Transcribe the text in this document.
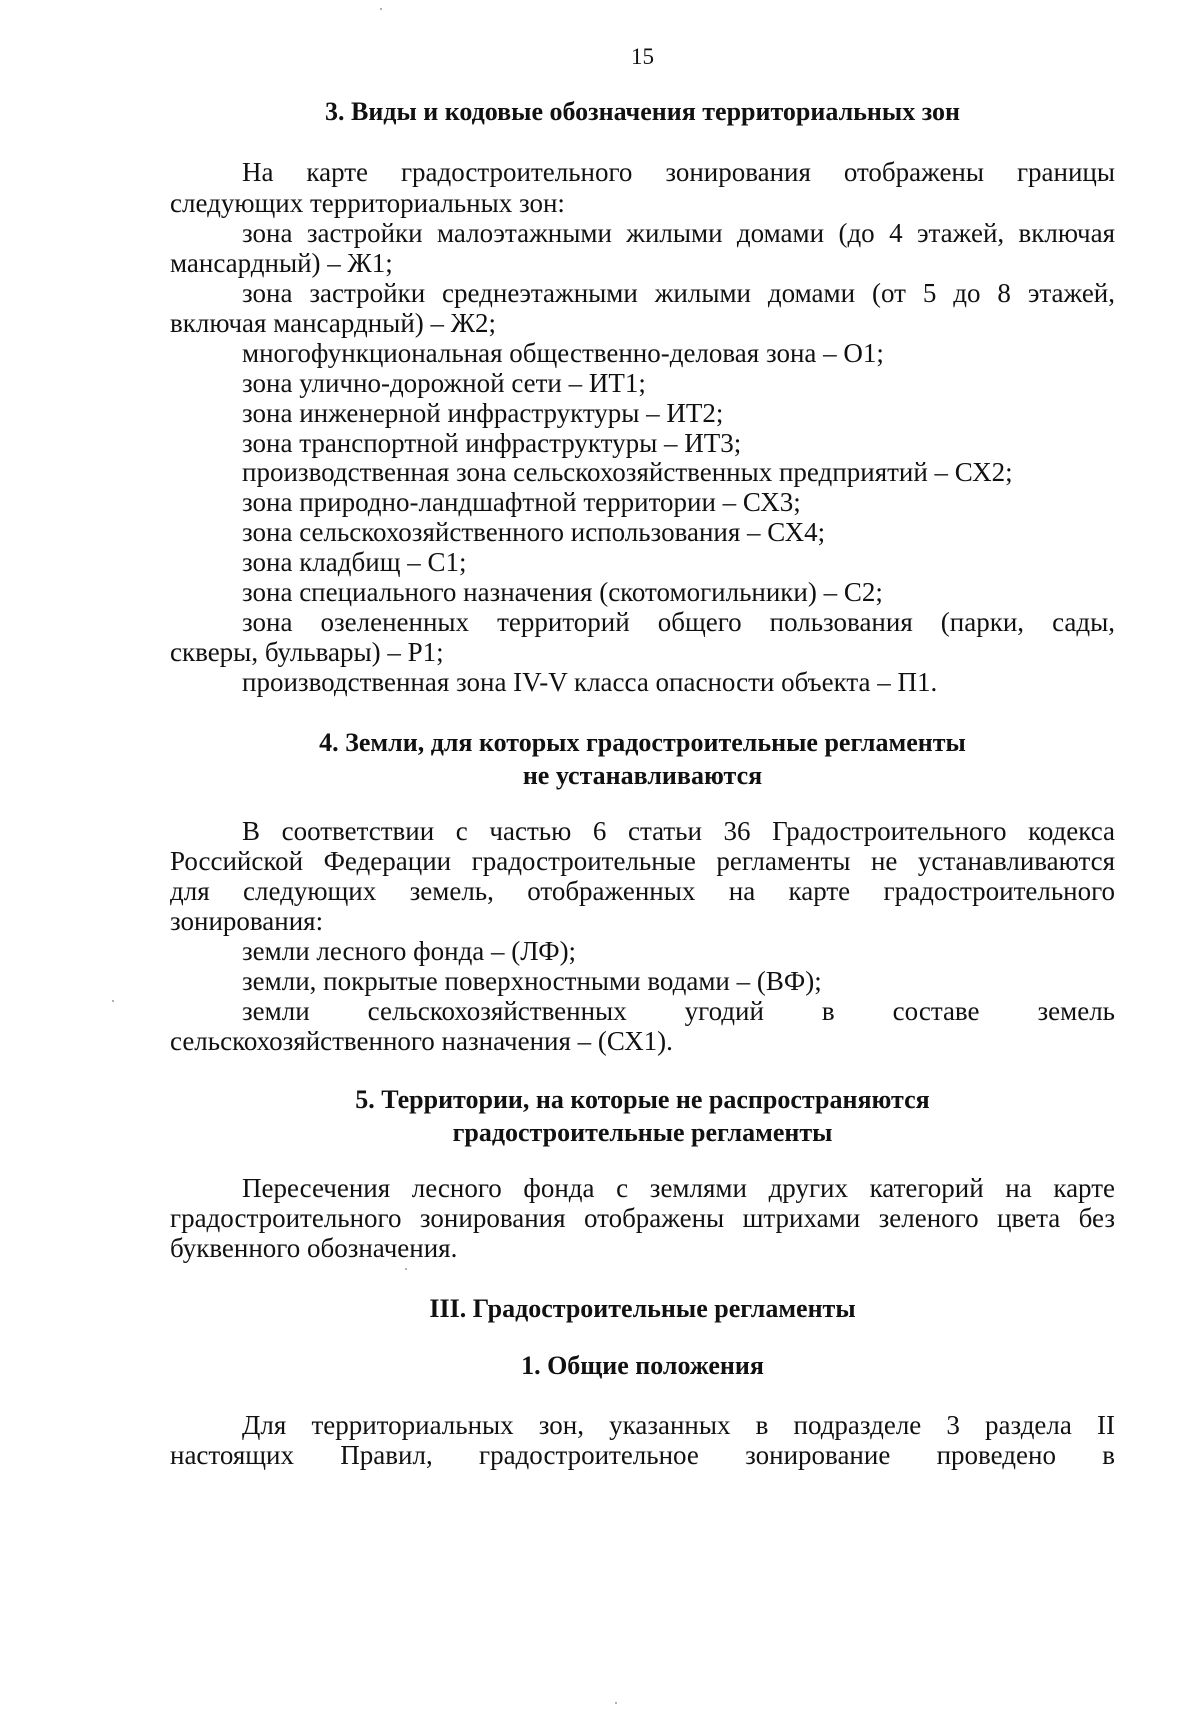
15
3. Виды и кодовые обозначения территориальных зон
На карте градостроительного зонирования отображены границы
следующих территориальных зон:
зона застройки малоэтажными жилыми домами (до 4 этажей, включая
мансардный) – Ж1;
зона застройки среднеэтажными жилыми домами (от 5 до 8 этажей,
включая мансардный) – Ж2;
многофункциональная общественно-деловая зона – О1;
зона улично-дорожной сети – ИТ1;
зона инженерной инфраструктуры – ИТ2;
зона транспортной инфраструктуры – ИТ3;
производственная зона сельскохозяйственных предприятий – СХ2;
зона природно-ландшафтной территории – СХ3;
зона сельскохозяйственного использования – СХ4;
зона кладбищ – С1;
зона специального назначения (скотомогильники) – С2;
зона озелененных территорий общего пользования (парки, сады,
скверы, бульвары) – Р1;
производственная зона IV-V класса опасности объекта – П1.
4. Земли, для которых градостроительные регламенты
не устанавливаются
В соответствии с частью 6 статьи 36 Градостроительного кодекса
Российской Федерации градостроительные регламенты не устанавливаются
для следующих земель, отображенных на карте градостроительного
зонирования:
земли лесного фонда – (ЛФ);
земли, покрытые поверхностными водами – (ВФ);
земли сельскохозяйственных угодий в составе земель
сельскохозяйственного назначения – (СХ1).
5. Территории, на которые не распространяются
градостроительные регламенты
Пересечения лесного фонда с землями других категорий на карте
градостроительного зонирования отображены штрихами зеленого цвета без
буквенного обозначения.
III. Градостроительные регламенты
1. Общие положения
Для территориальных зон, указанных в подразделе 3 раздела II
настоящих Правил, градостроительное зонирование проведено в
